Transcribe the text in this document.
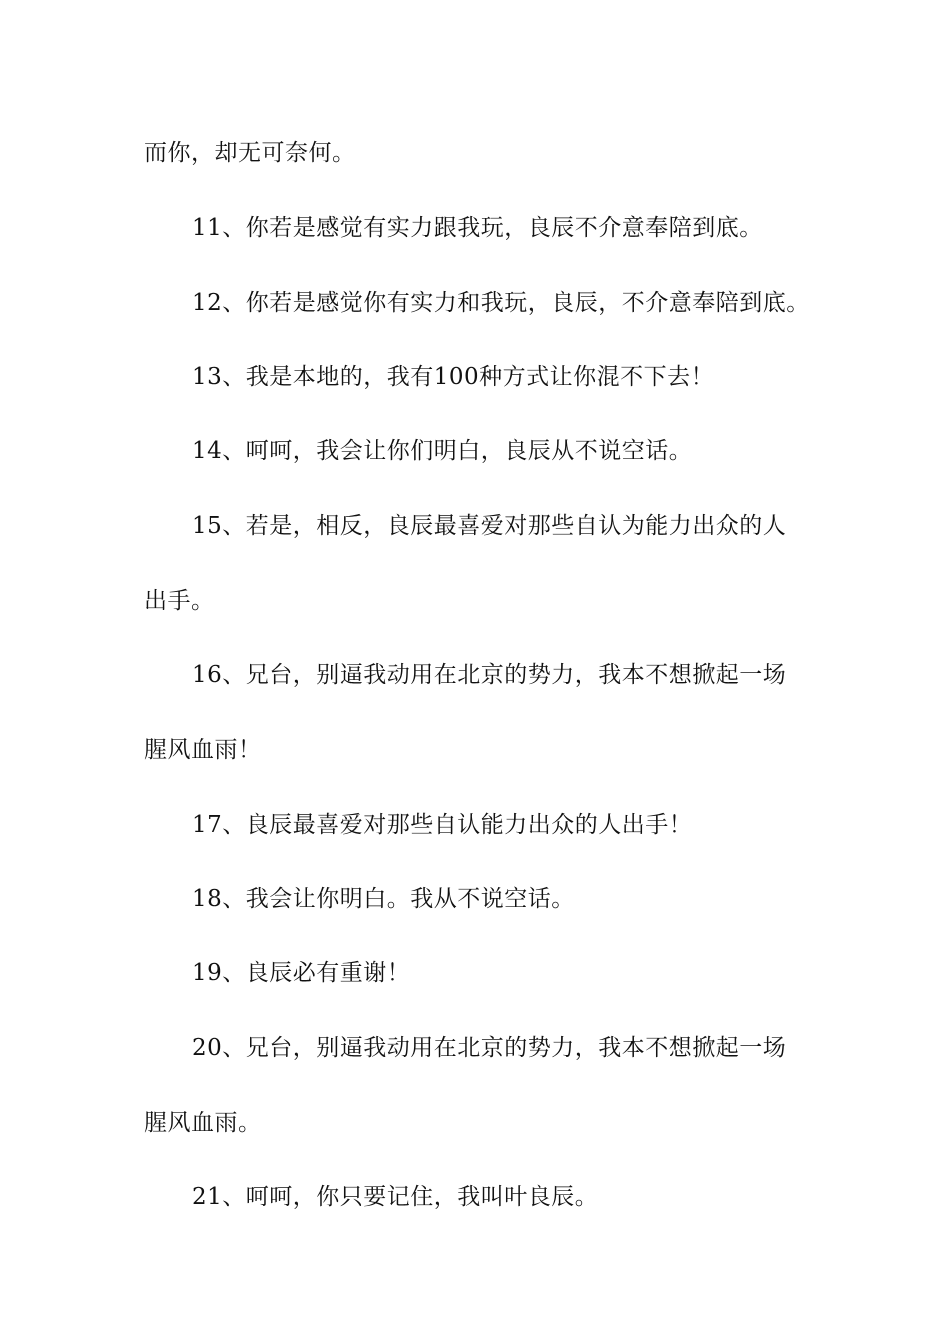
而你，却无可奈何。
11、你若是感觉有实力跟我玩，良辰不介意奉陪到底。
12、你若是感觉你有实力和我玩，良辰，不介意奉陪到底。
13、我是本地的，我有100种方式让你混不下去！
14、呵呵，我会让你们明白，良辰从不说空话。
15、若是，相反，良辰最喜爱对那些自认为能力出众的人
出手。
16、兄台，别逼我动用在北京的势力，我本不想掀起一场
腥风血雨！
17、良辰最喜爱对那些自认能力出众的人出手！
18、我会让你明白。我从不说空话。
19、良辰必有重谢！
20、兄台，别逼我动用在北京的势力，我本不想掀起一场
腥风血雨。
21、呵呵，你只要记住，我叫叶良辰。
